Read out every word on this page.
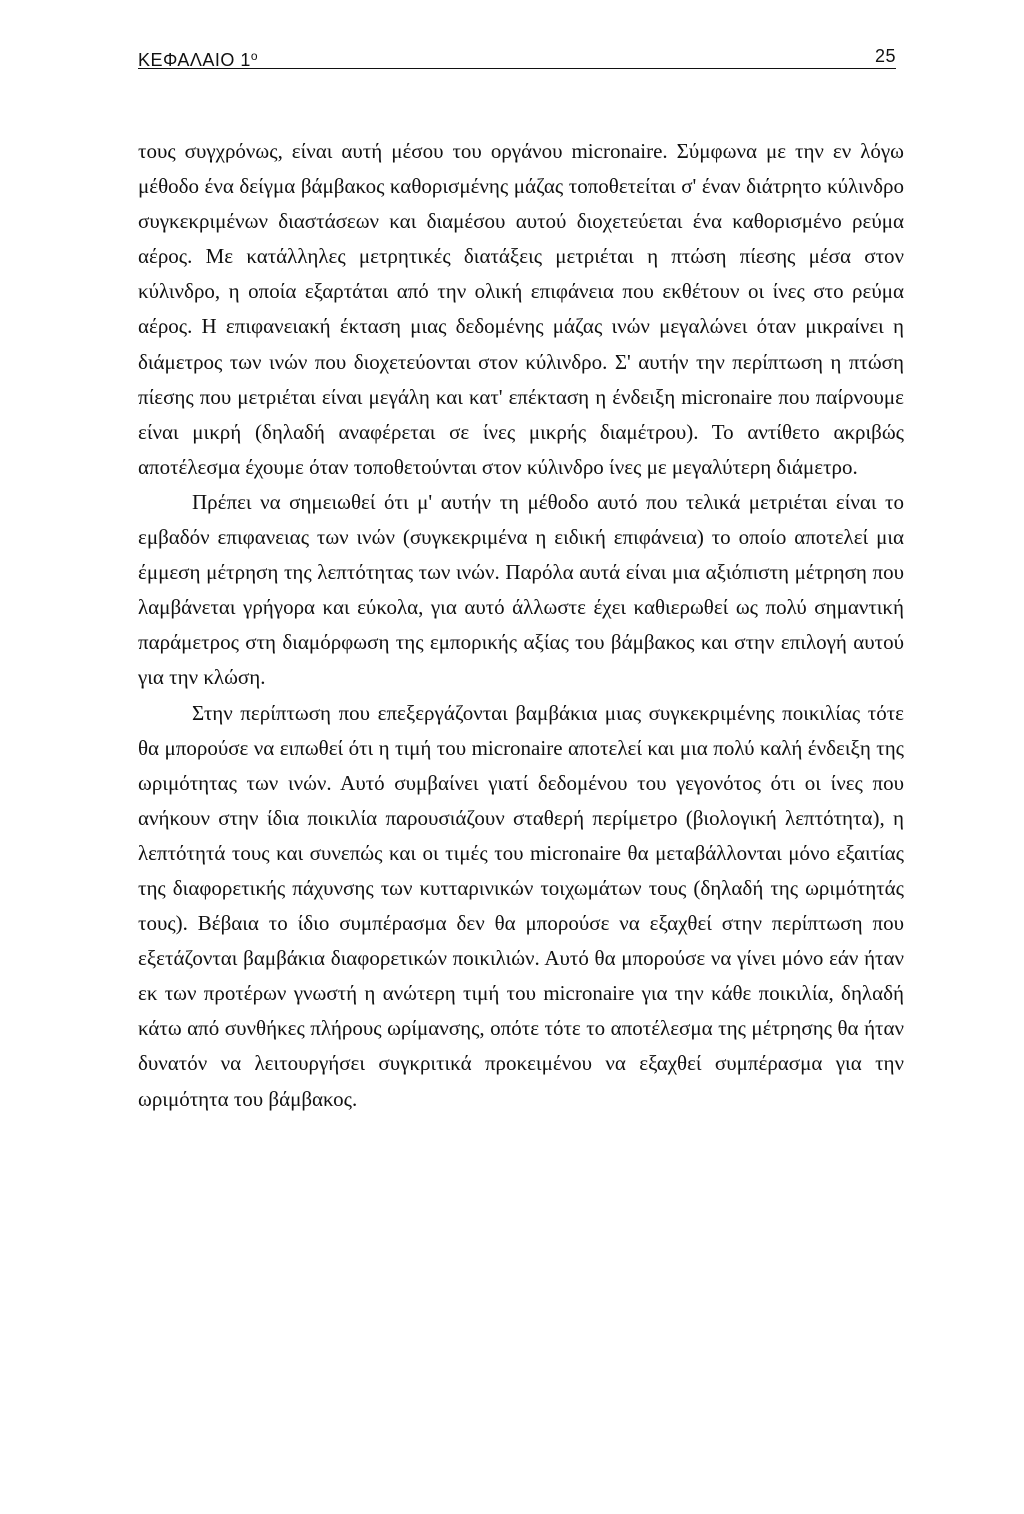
ΚΕΦΑΛΑΙΟ $1^o$	25

τους συγχρόνως, είναι αυτή μέσου του οργάνου micronaire. Σύμφωνα με την εν λόγω μέθοδο ένα δείγμα βάμβακος καθορισμένης μάζας τοποθετείται σ' έναν διάτρητο κύλινδρο συγκεκριμένων διαστάσεων και διαμέσου αυτού διοχετεύεται ένα καθορισμένο ρεύμα αέρος. Με κατάλληλες μετρητικές διατάξεις μετριέται η πτώση πίεσης μέσα στον κύλινδρο, η οποία εξαρτάται από την ολική επιφάνεια που εκθέτουν οι ίνες στο ρεύμα αέρος. Η επιφανειακή έκταση μιας δεδομένης μάζας ινών μεγαλώνει όταν μικραίνει η διάμετρος των ινών που διοχετεύονται στον κύλινδρο. Σ' αυτήν την περίπτωση η πτώση πίεσης που μετριέται είναι μεγάλη και κατ' επέκταση η ένδειξη micronaire που παίρνουμε είναι μικρή (δηλαδή αναφέρεται σε ίνες μικρής διαμέτρου). Το αντίθετο ακριβώς αποτέλεσμα έχουμε όταν τοποθετούνται στον κύλινδρο ίνες με μεγαλύτερη διάμετρο.

Πρέπει να σημειωθεί ότι μ' αυτήν τη μέθοδο αυτό που τελικά μετριέται είναι το εμβαδόν επιφανειας των ινών (συγκεκριμένα η ειδική επιφάνεια) το οποίο αποτελεί μια έμμεση μέτρηση της λεπτότητας των ινών. Παρόλα αυτά είναι μια αξιόπιστη μέτρηση που λαμβάνεται γρήγορα και εύκολα, για αυτό άλλωστε έχει καθιερωθεί ως πολύ σημαντική παράμετρος στη διαμόρφωση της εμπορικής αξίας του βάμβακος και στην επιλογή αυτού για την κλώση.

Στην περίπτωση που επεξεργάζονται βαμβάκια μιας συγκεκριμένης ποικιλίας τότε θα μπορούσε να ειπωθεί ότι η τιμή του micronaire αποτελεί και μια πολύ καλή ένδειξη της ωριμότητας των ινών. Αυτό συμβαίνει γιατί δεδομένου του γεγονότος ότι οι ίνες που ανήκουν στην ίδια ποικιλία παρουσιάζουν σταθερή περίμετρο (βιολογική λεπτότητα), η λεπτότητά τους και συνεπώς και οι τιμές του micronaire θα μεταβάλλονται μόνο εξαιτίας της διαφορετικής πάχυνσης των κυτταρινικών τοιχωμάτων τους (δηλαδή της ωριμότητάς τους). Βέβαια το ίδιο συμπέρασμα δεν θα μπορούσε να εξαχθεί στην περίπτωση που εξετάζονται βαμβάκια διαφορετικών ποικιλιών. Αυτό θα μπορούσε να γίνει μόνο εάν ήταν εκ των προτέρων γνωστή η ανώτερη τιμή του micronaire για την κάθε ποικιλία, δηλαδή κάτω από συνθήκες πλήρους ωρίμανσης, οπότε τότε το αποτέλεσμα της μέτρησης θα ήταν δυνατόν να λειτουργήσει συγκριτικά προκειμένου να εξαχθεί συμπέρασμα για την ωριμότητα του βάμβακος.
